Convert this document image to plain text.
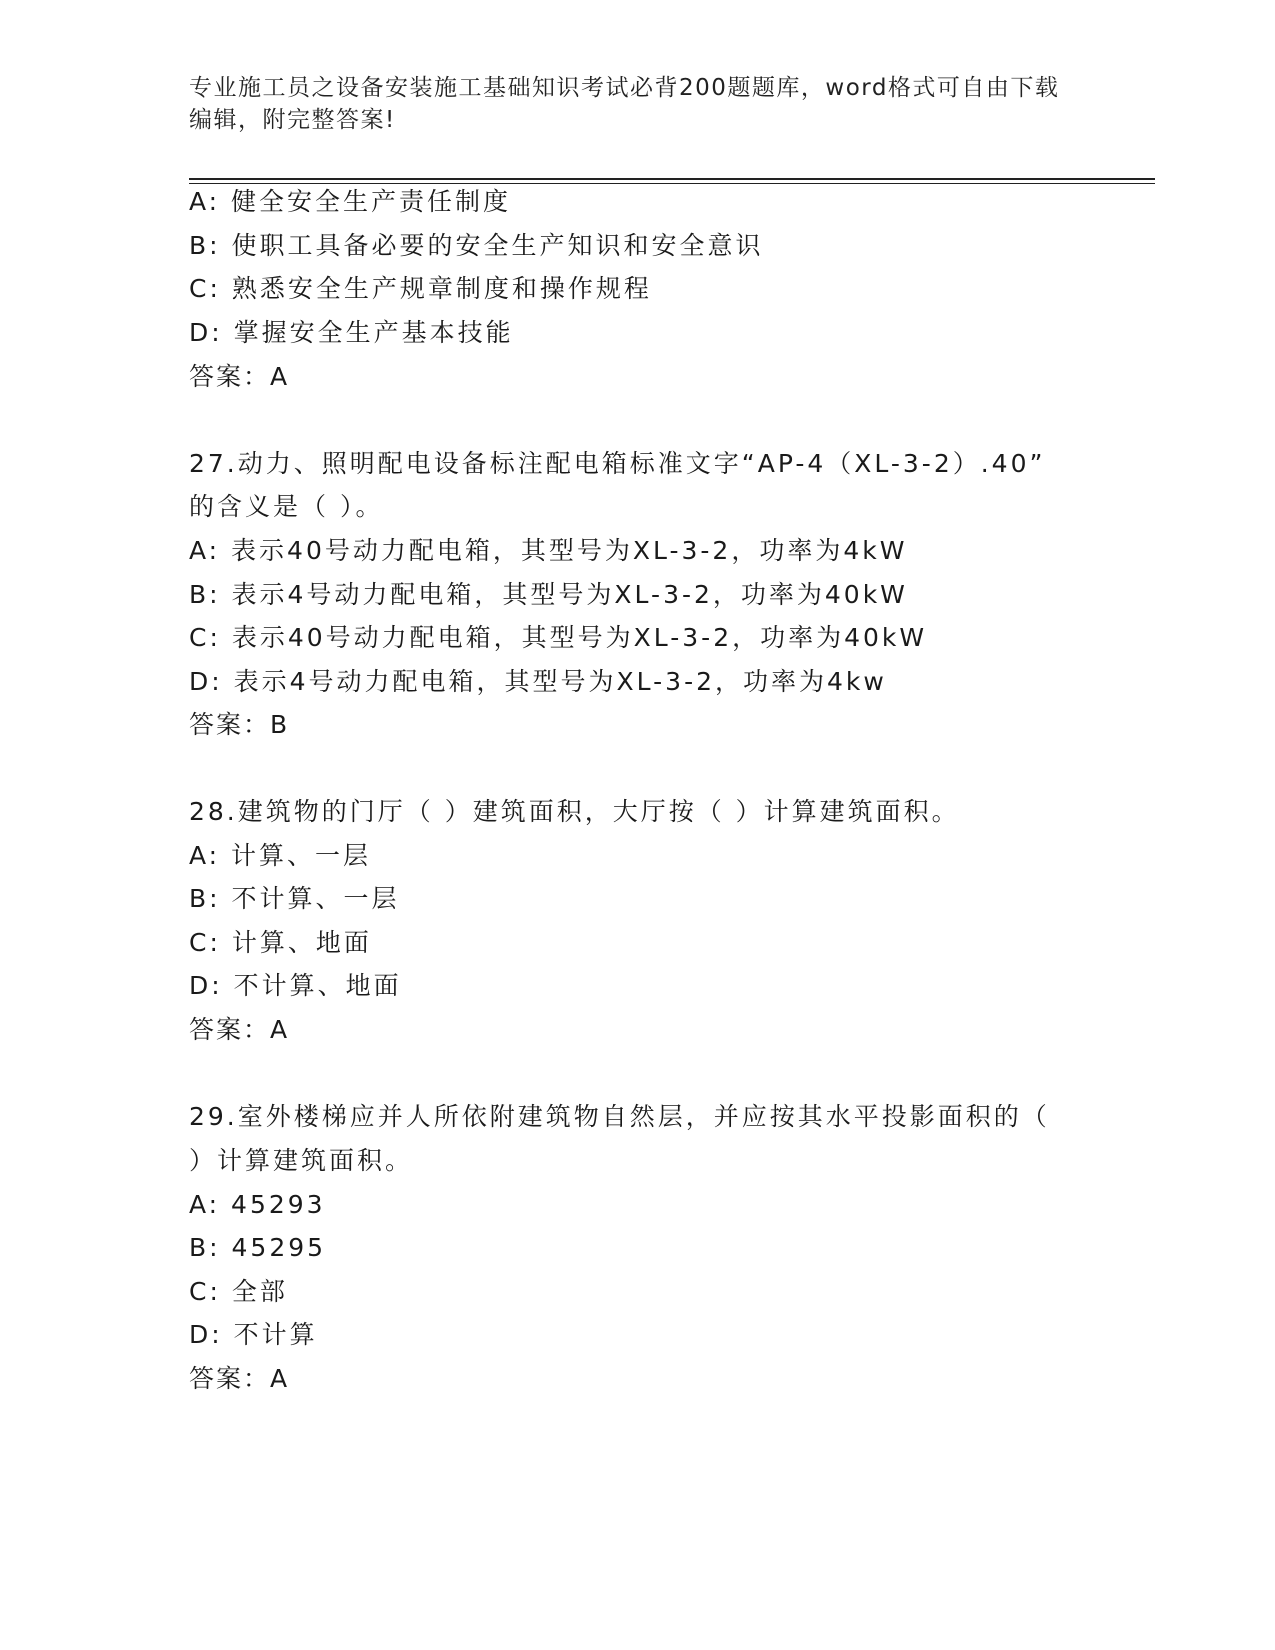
专业施工员之设备安装施工基础知识考试必背200题题库，word格式可自由下载
编辑，附完整答案!
A: 健全安全生产责任制度
B: 使职工具备必要的安全生产知识和安全意识
C: 熟悉安全生产规章制度和操作规程
D: 掌握安全生产基本技能
答案：A
27.动力、照明配电设备标注配电箱标准文字“AP-4（XL-3-2）.40”
的含义是（ ）。
A: 表示40号动力配电箱，其型号为XL-3-2，功率为4kW
B: 表示4号动力配电箱，其型号为XL-3-2，功率为40kW
C: 表示40号动力配电箱，其型号为XL-3-2，功率为40kW
D: 表示4号动力配电箱，其型号为XL-3-2，功率为4kw
答案：B
28.建筑物的门厅（ ）建筑面积，大厅按（ ）计算建筑面积。
A: 计算、一层
B: 不计算、一层
C: 计算、地面
D: 不计算、地面
答案：A
29.室外楼梯应并人所依附建筑物自然层，并应按其水平投影面积的（
）计算建筑面积。
A: 45293
B: 45295
C: 全部
D: 不计算
答案：A
